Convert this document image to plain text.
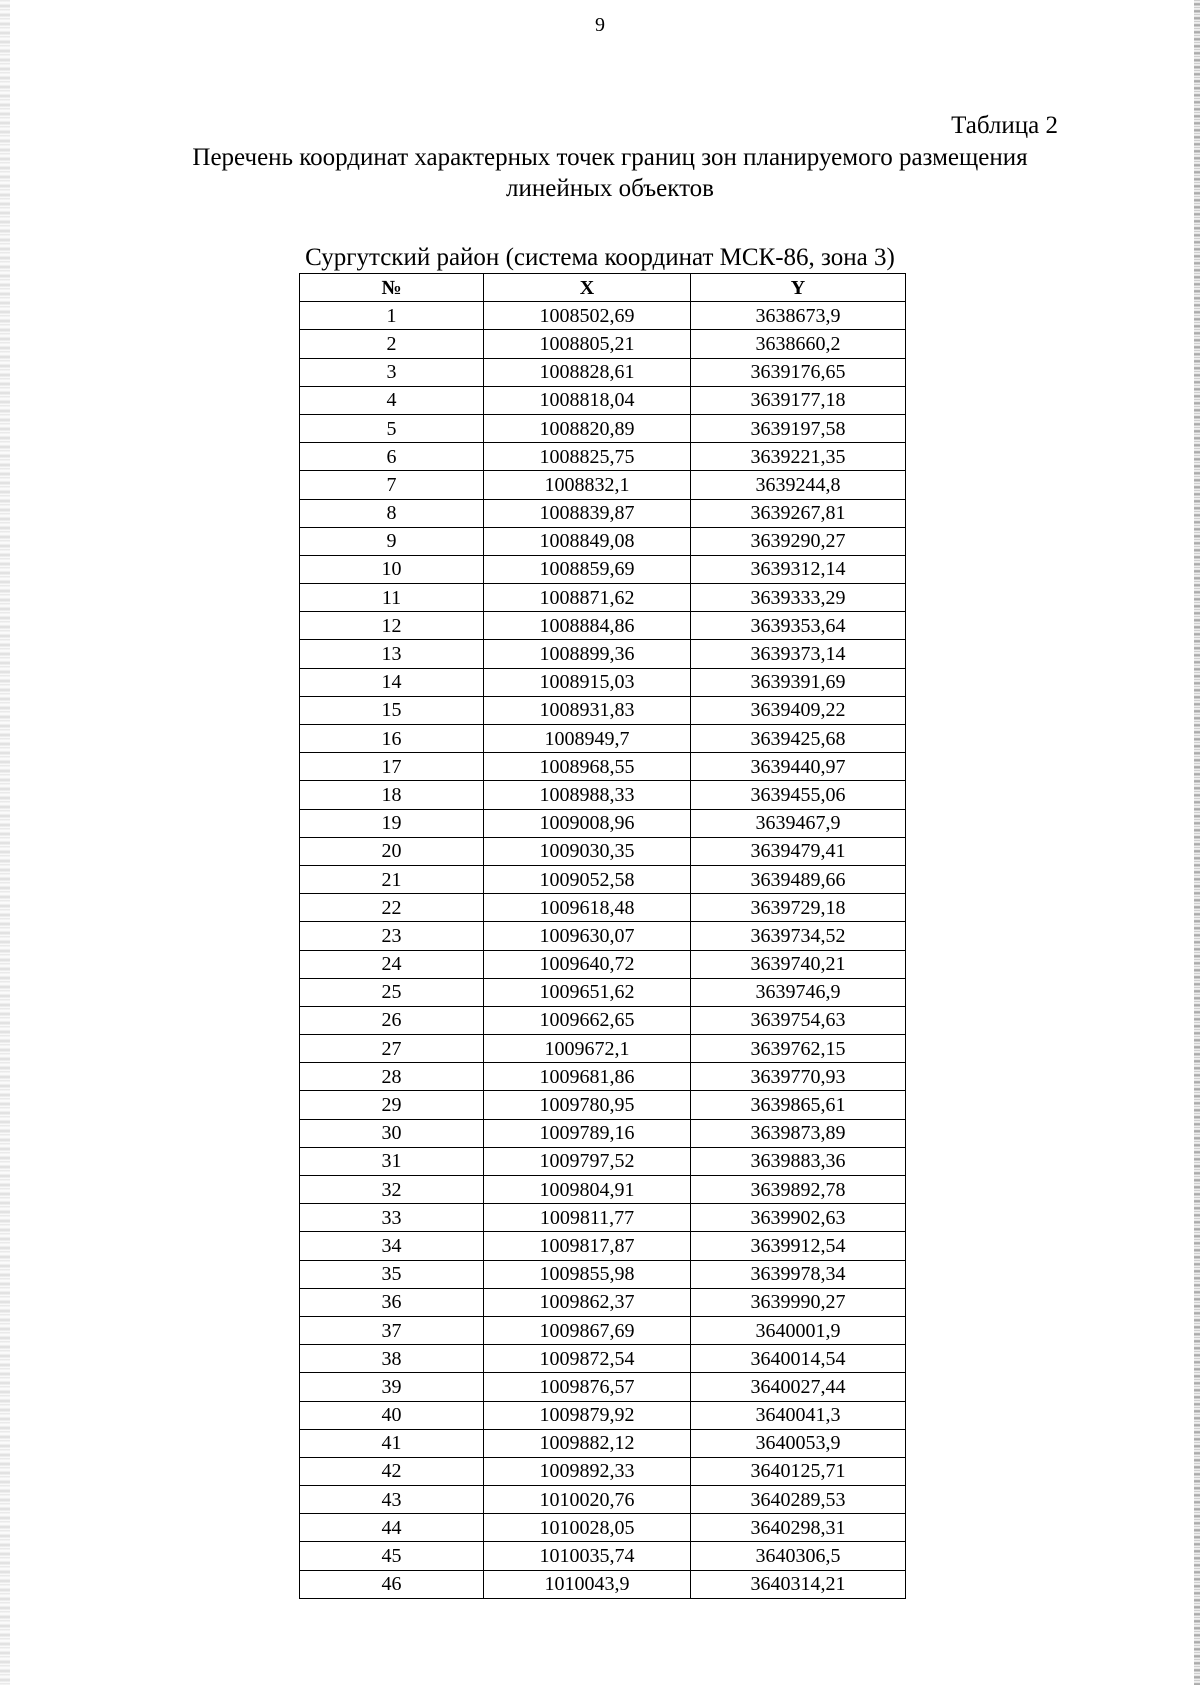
9
Таблица 2
Перечень координат характерных точек границ зон планируемого размещения линейных объектов
Сургутский район (система координат МСК-86, зона 3)
№	X	Y
1	1008502,69	3638673,9
2	1008805,21	3638660,2
3	1008828,61	3639176,65
4	1008818,04	3639177,18
5	1008820,89	3639197,58
6	1008825,75	3639221,35
7	1008832,1	3639244,8
8	1008839,87	3639267,81
9	1008849,08	3639290,27
10	1008859,69	3639312,14
11	1008871,62	3639333,29
12	1008884,86	3639353,64
13	1008899,36	3639373,14
14	1008915,03	3639391,69
15	1008931,83	3639409,22
16	1008949,7	3639425,68
17	1008968,55	3639440,97
18	1008988,33	3639455,06
19	1009008,96	3639467,9
20	1009030,35	3639479,41
21	1009052,58	3639489,66
22	1009618,48	3639729,18
23	1009630,07	3639734,52
24	1009640,72	3639740,21
25	1009651,62	3639746,9
26	1009662,65	3639754,63
27	1009672,1	3639762,15
28	1009681,86	3639770,93
29	1009780,95	3639865,61
30	1009789,16	3639873,89
31	1009797,52	3639883,36
32	1009804,91	3639892,78
33	1009811,77	3639902,63
34	1009817,87	3639912,54
35	1009855,98	3639978,34
36	1009862,37	3639990,27
37	1009867,69	3640001,9
38	1009872,54	3640014,54
39	1009876,57	3640027,44
40	1009879,92	3640041,3
41	1009882,12	3640053,9
42	1009892,33	3640125,71
43	1010020,76	3640289,53
44	1010028,05	3640298,31
45	1010035,74	3640306,5
46	1010043,9	3640314,21
